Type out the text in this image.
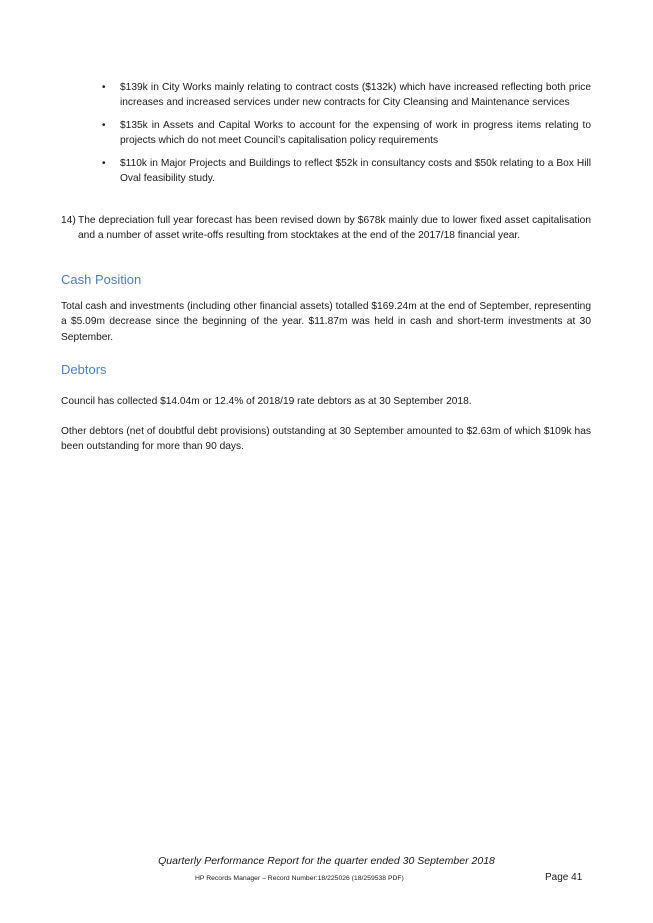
• $139k in City Works mainly relating to contract costs ($132k) which have increased reflecting both price increases and increased services under new contracts for City Cleansing and Maintenance services
• $135k in Assets and Capital Works to account for the expensing of work in progress items relating to projects which do not meet Council’s capitalisation policy requirements
• $110k in Major Projects and Buildings to reflect $52k in consultancy costs and $50k relating to a Box Hill Oval feasibility study.
14) The depreciation full year forecast has been revised down by $678k mainly due to lower fixed asset capitalisation and a number of asset write-offs resulting from stocktakes at the end of the 2017/18 financial year.
Cash Position
Total cash and investments (including other financial assets) totalled $169.24m at the end of September, representing a $5.09m decrease since the beginning of the year. $11.87m was held in cash and short-term investments at 30 September.
Debtors
Council has collected $14.04m or 12.4% of 2018/19 rate debtors as at 30 September 2018.
Other debtors (net of doubtful debt provisions) outstanding at 30 September amounted to $2.63m of which $109k has been outstanding for more than 90 days.
Quarterly Performance Report for the quarter ended 30 September 2018
HP Records Manager – Record Number:18/225026 (18/259538 PDF)	Page 41
